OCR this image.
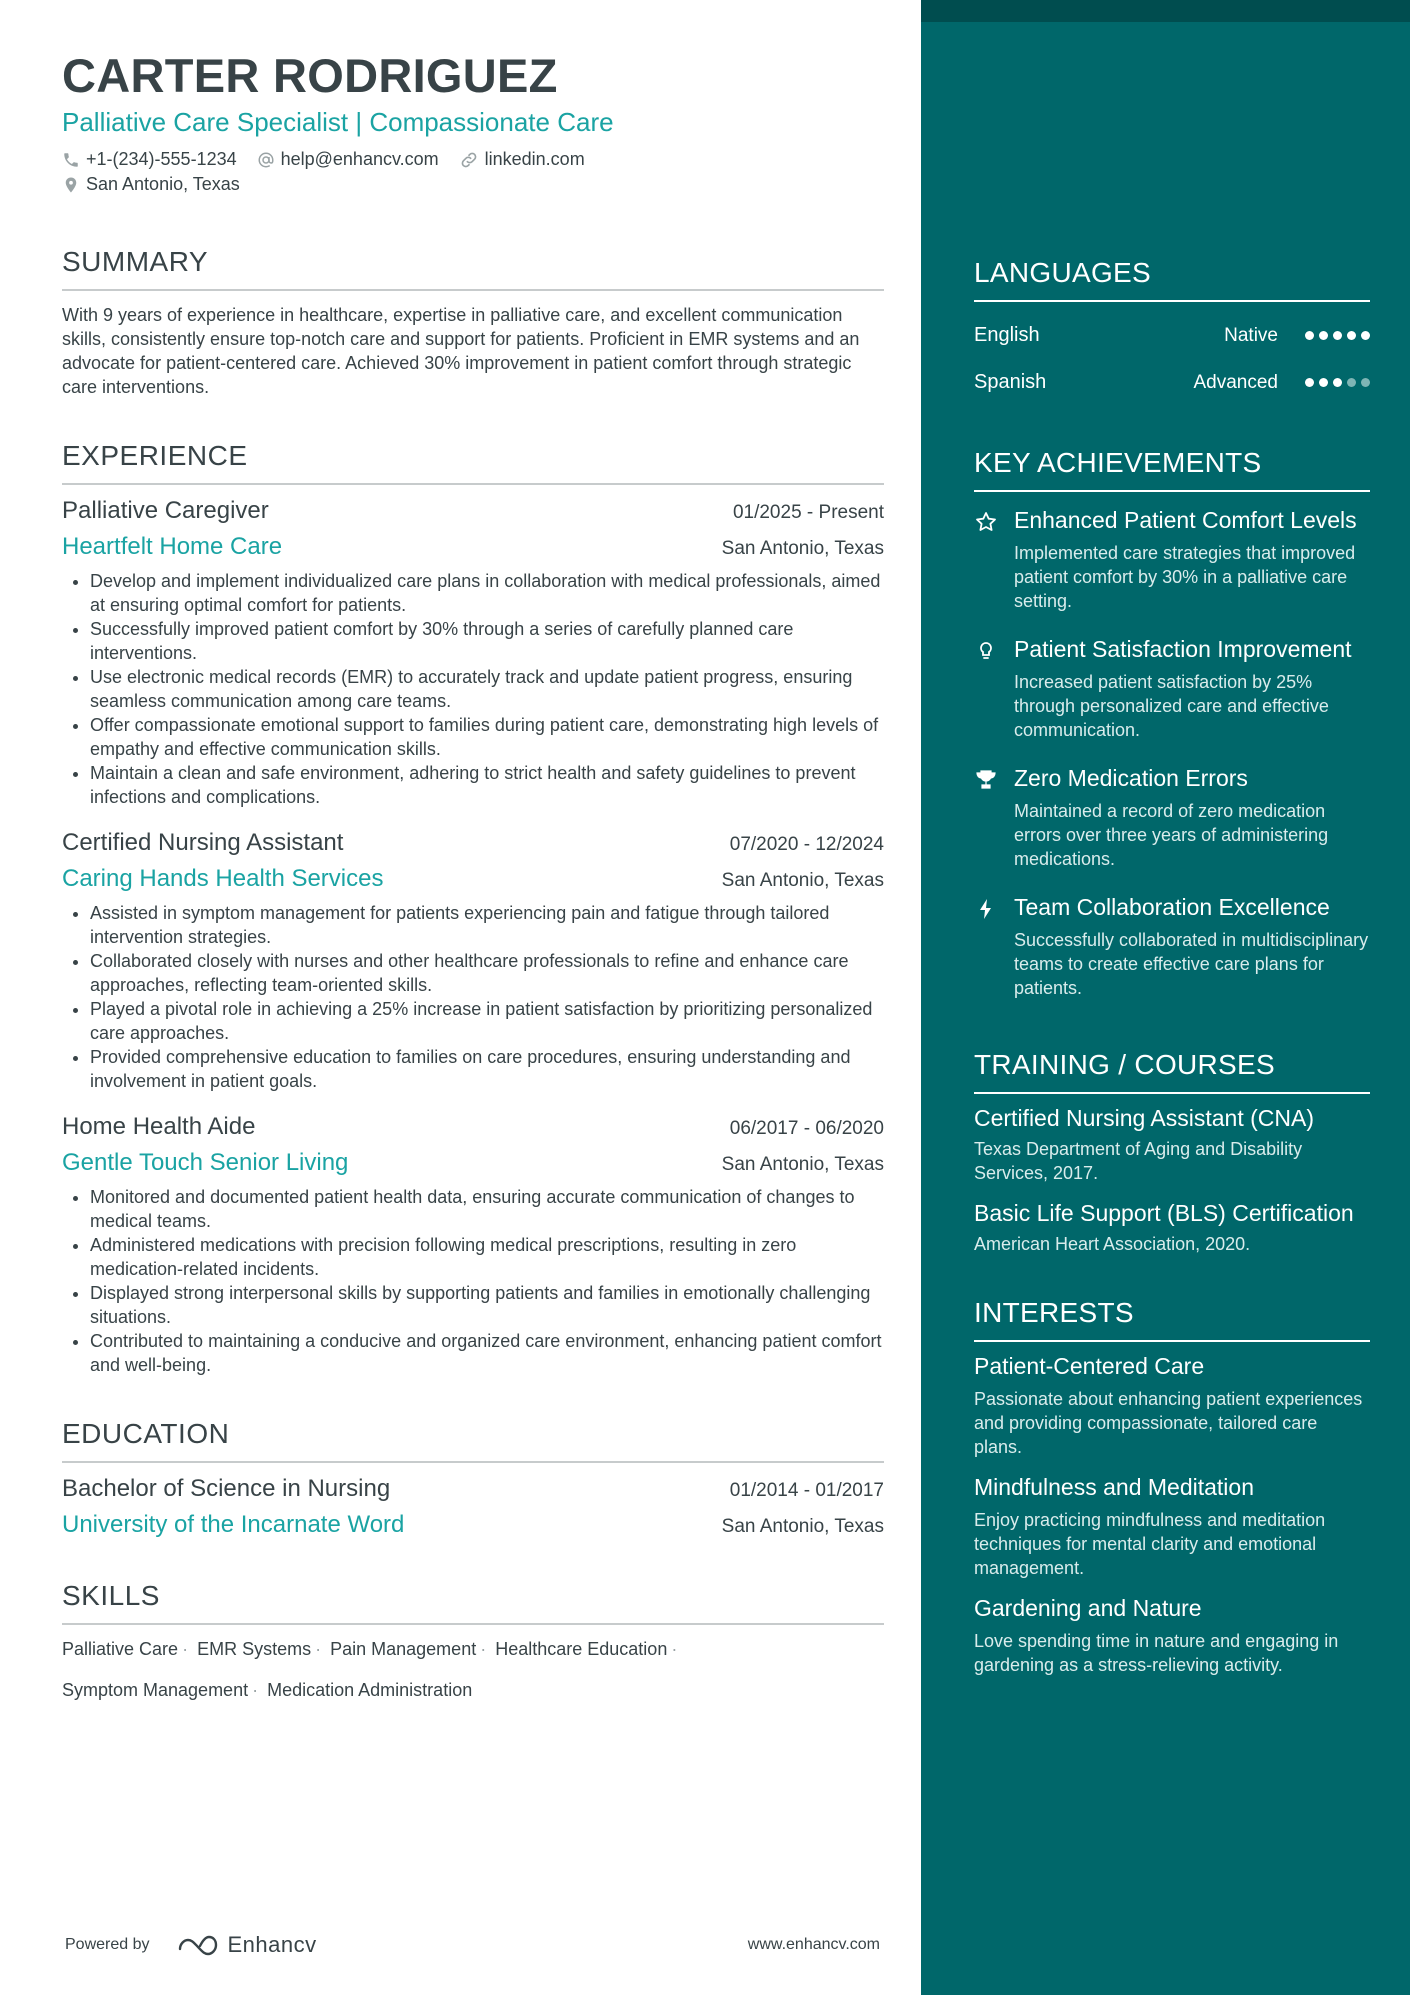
CARTER RODRIGUEZ
Palliative Care Specialist | Compassionate Care
+1-(234)-555-1234 help@enhancv.com	linkedin.com
San Antonio, Texas
SUMMARY
With 9 years of experience in healthcare, expertise in palliative care, and excellent communication skills, consistently ensure top-notch care and support for patients. Proficient in EMR systems and an advocate for patient-centered care. Achieved 30% improvement in patient comfort through strategic care interventions.
EXPERIENCE
Palliative Caregiver	01/2025 - Present
Heartfelt Home Care	San Antonio, Texas
• Develop and implement individualized care plans in collaboration with medical professionals, aimed at ensuring optimal comfort for patients.
• Successfully improved patient comfort by 30% through a series of carefully planned care interventions.
• Use electronic medical records (EMR) to accurately track and update patient progress, ensuring seamless communication among care teams.
• Offer compassionate emotional support to families during patient care, demonstrating high levels of empathy and effective communication skills.
• Maintain a clean and safe environment, adhering to strict health and safety guidelines to prevent infections and complications.
Certified Nursing Assistant	07/2020 - 12/2024
Caring Hands Health Services	San Antonio, Texas
• Assisted in symptom management for patients experiencing pain and fatigue through tailored intervention strategies.
• Collaborated closely with nurses and other healthcare professionals to refine and enhance care approaches, reflecting team-oriented skills.
• Played a pivotal role in achieving a 25% increase in patient satisfaction by prioritizing personalized care approaches.
• Provided comprehensive education to families on care procedures, ensuring understanding and involvement in patient goals.
Home Health Aide	06/2017 - 06/2020
Gentle Touch Senior Living	San Antonio, Texas
• Monitored and documented patient health data, ensuring accurate communication of changes to medical teams.
• Administered medications with precision following medical prescriptions, resulting in zero medication-related incidents.
• Displayed strong interpersonal skills by supporting patients and families in emotionally challenging situations.
• Contributed to maintaining a conducive and organized care environment, enhancing patient comfort and well-being.
EDUCATION
Bachelor of Science in Nursing	01/2014 - 01/2017
University of the Incarnate Word	San Antonio, Texas
SKILLS
Palliative Care · EMR Systems · Pain Management · Healthcare Education ·
Symptom Management · Medication Administration
Powered by	Enhancv	www.enhancv.com
LANGUAGES
English	Native
Spanish	Advanced
KEY ACHIEVEMENTS
Enhanced Patient Comfort Levels
Implemented care strategies that improved patient comfort by 30% in a palliative care setting.
Patient Satisfaction Improvement
Increased patient satisfaction by 25% through personalized care and effective communication.
Zero Medication Errors
Maintained a record of zero medication errors over three years of administering medications.
Team Collaboration Excellence
Successfully collaborated in multidisciplinary teams to create effective care plans for patients.
TRAINING / COURSES
Certified Nursing Assistant (CNA)
Texas Department of Aging and Disability Services, 2017.
Basic Life Support (BLS) Certification
American Heart Association, 2020.
INTERESTS
Patient-Centered Care
Passionate about enhancing patient experiences and providing compassionate, tailored care plans.
Mindfulness and Meditation
Enjoy practicing mindfulness and meditation techniques for mental clarity and emotional management.
Gardening and Nature
Love spending time in nature and engaging in gardening as a stress-relieving activity.
